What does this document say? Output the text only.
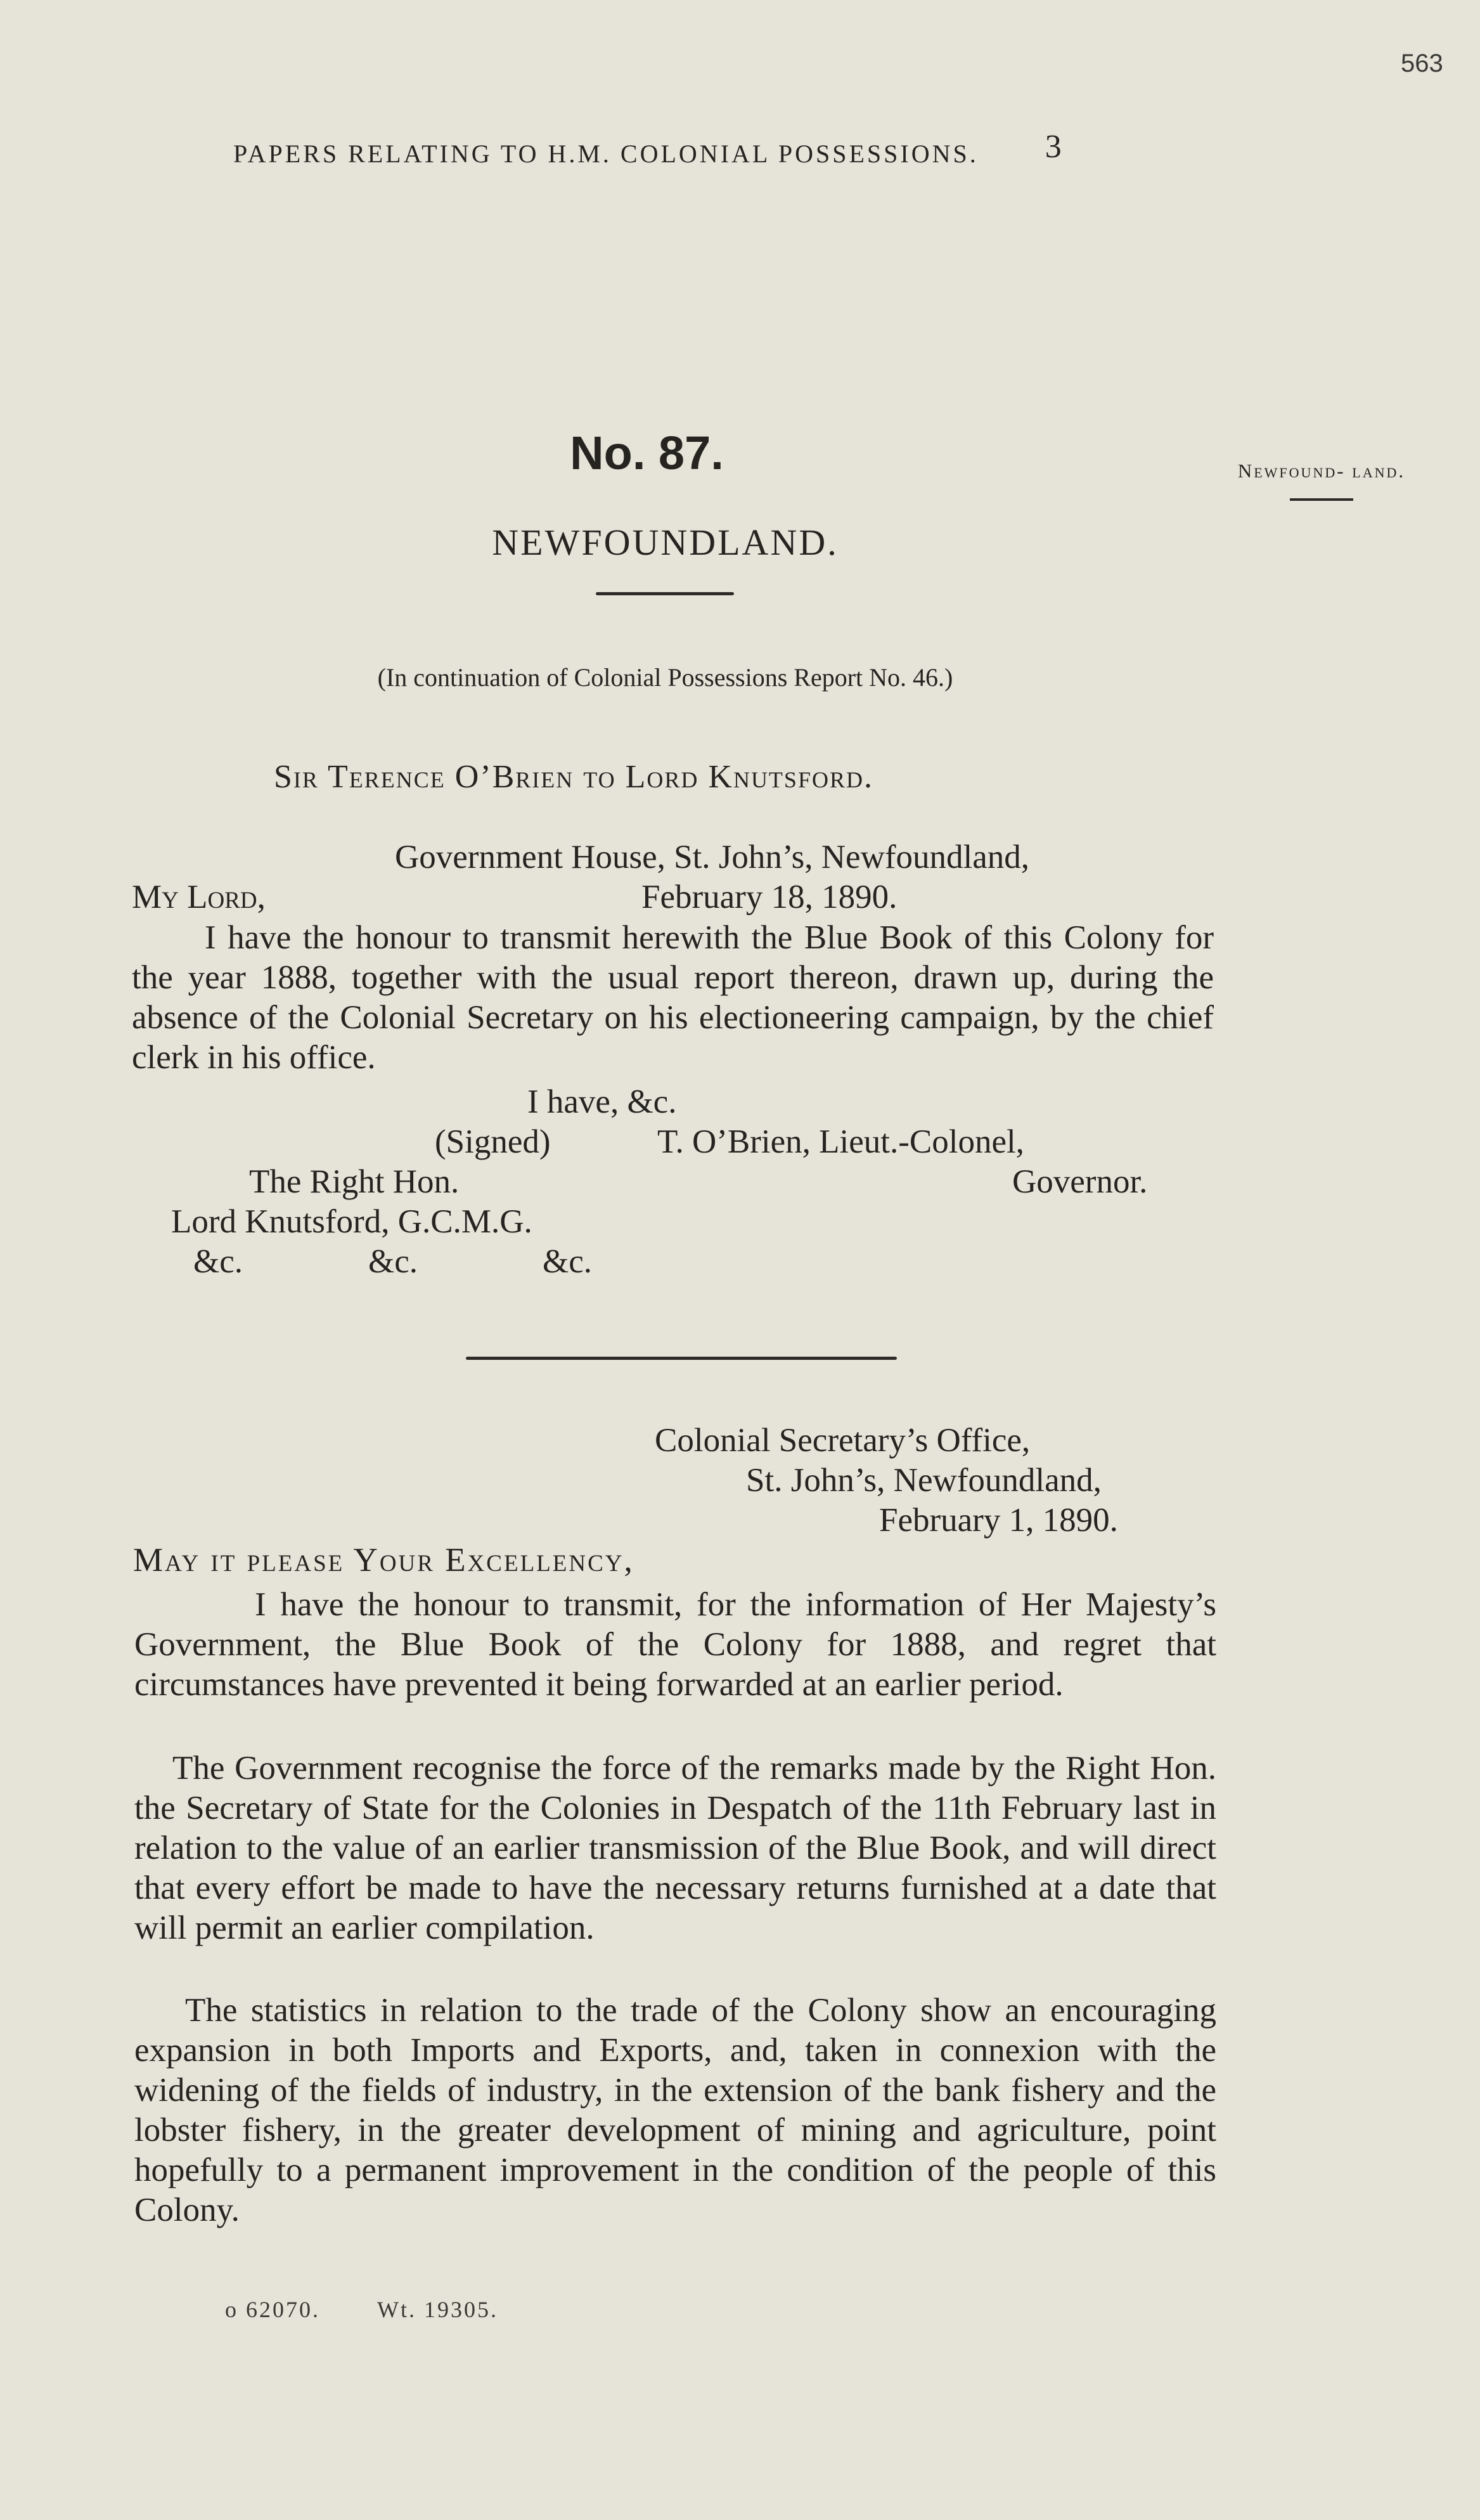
563
PAPERS RELATING TO H.M. COLONIAL POSSESSIONS. 3
No. 87.	Newfound- land.
NEWFOUNDLAND.
(In continuation of Colonial Possessions Report No. 46.)
Sir Terence O’Brien to Lord Knutsford.
Government House, St. John’s, Newfoundland,
My Lord,	February 18, 1890.
I have the honour to transmit herewith the Blue Book of this Colony for the year 1888, together with the usual report thereon, drawn up, during the absence of the Colonial Secretary on his electioneering campaign, by the chief clerk in his office.
I have, &c.
(Signed)	T. O’Brien, Lieut.-Colonel,
The Right Hon.	Governor.
Lord Knutsford, G.C.M.G.
&c.	&c.	&c.
Colonial Secretary’s Office,
St. John’s, Newfoundland,
February 1, 1890.
May it please Your Excellency,
I have the honour to transmit, for the information of Her Majesty’s Government, the Blue Book of the Colony for 1888, and regret that circumstances have prevented it being forwarded at an earlier period.
The Government recognise the force of the remarks made by the Right Hon. the Secretary of State for the Colonies in Despatch of the 11th February last in relation to the value of an earlier transmission of the Blue Book, and will direct that every effort be made to have the necessary returns furnished at a date that will permit an earlier compilation.
The statistics in relation to the trade of the Colony show an encouraging expansion in both Imports and Exports, and, taken in connexion with the widening of the fields of industry, in the extension of the bank fishery and the lobster fishery, in the greater development of mining and agriculture, point hopefully to a permanent improvement in the condition of the people of this Colony.
o 62070.	Wt. 19305.
